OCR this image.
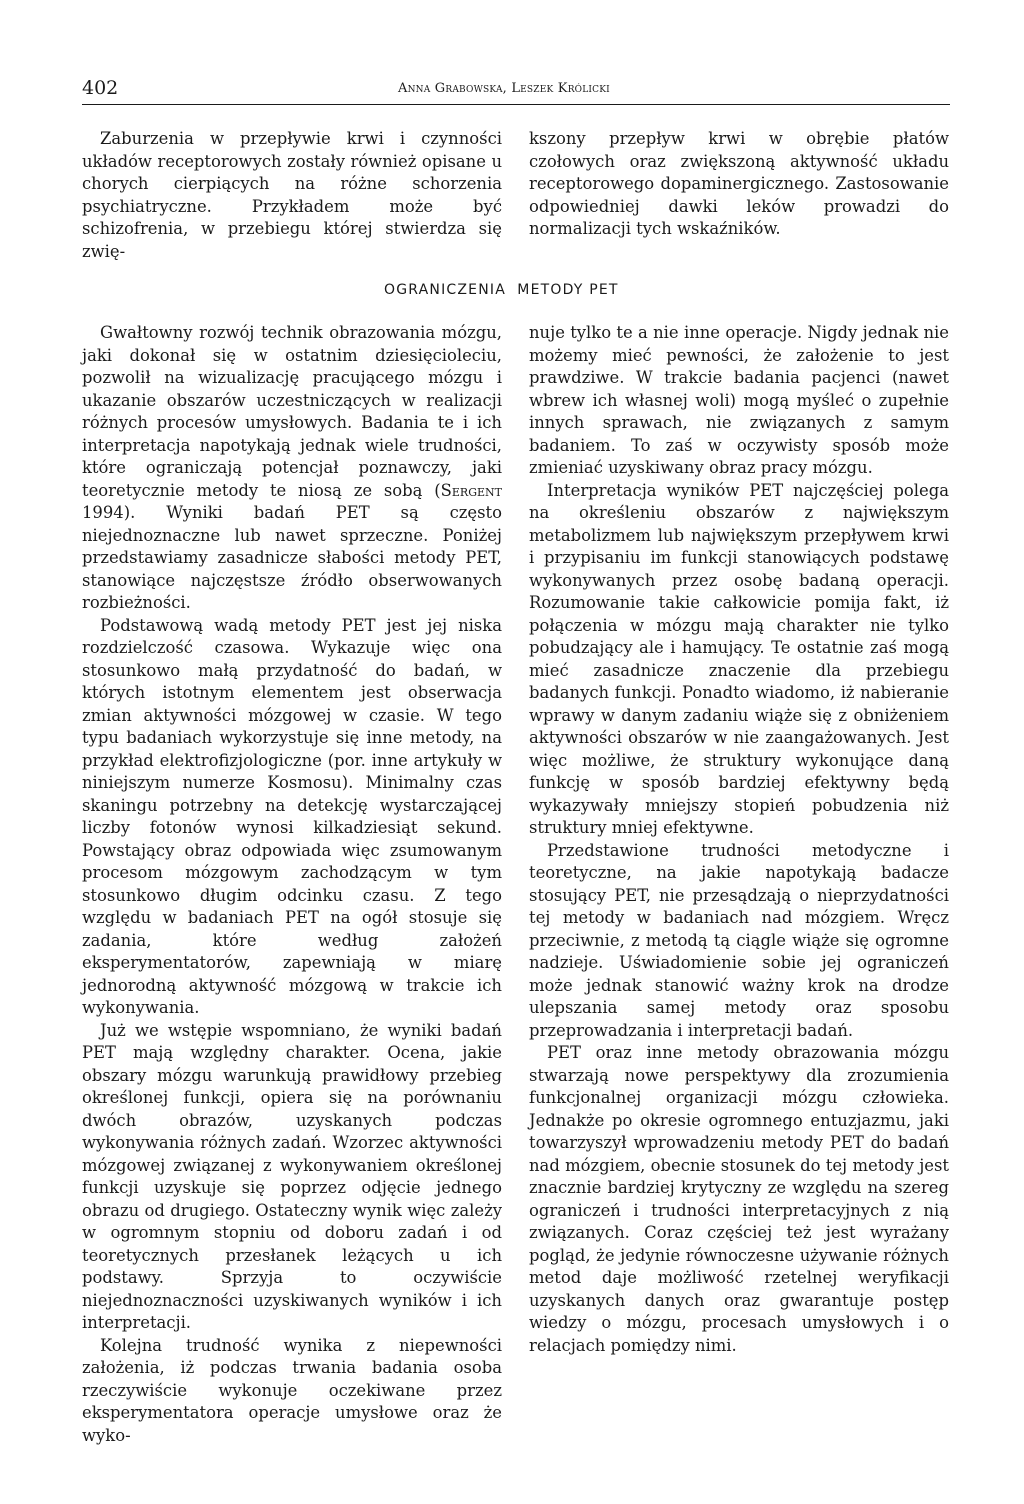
402	Anna Grabowska, Leszek Królicki

Zaburzenia w przepływie krwi i czynności układów receptorowych zostały również opisane u chorych cierpiących na różne schorzenia psychiatryczne. Przykładem może być schizofrenia, w przebiegu której stwierdza się zwię-

kszony przepływ krwi w obrębie płatów czołowych oraz zwiększoną aktywność układu receptorowego dopaminergicznego. Zastosowanie odpowiedniej dawki leków prowadzi do normalizacji tych wskaźników.

OGRANICZENIA  METODY PET

Gwałtowny rozwój technik obrazowania mózgu, jaki dokonał się w ostatnim dziesięcioleciu, pozwolił na wizualizację pracującego mózgu i ukazanie obszarów uczestniczących w realizacji różnych procesów umysłowych. Badania te i ich interpretacja napotykają jednak wiele trudności, które ograniczają potencjał poznawczy, jaki teoretycznie metody te niosą ze sobą (Sergent 1994). Wyniki badań PET są często niejednoznaczne lub nawet sprzeczne. Poniżej przedstawiamy zasadnicze słabości metody PET, stanowiące najczęstsze źródło obserwowanych rozbieżności.

Podstawową wadą metody PET jest jej niska rozdzielczość czasowa. Wykazuje więc ona stosunkowo małą przydatność do badań, w których istotnym elementem jest obserwacja zmian aktywności mózgowej w czasie. W tego typu badaniach wykorzystuje się inne metody, na przykład elektrofizjologiczne (por. inne artykuły w niniejszym numerze Kosmosu). Minimalny czas skaningu potrzebny na detekcję wystarczającej liczby fotonów wynosi kilkadziesiąt sekund. Powstający obraz odpowiada więc zsumowanym procesom mózgowym zachodzącym w tym stosunkowo długim odcinku czasu. Z tego względu w badaniach PET na ogół stosuje się zadania, które według założeń eksperymentatorów, zapewniają w miarę jednorodną aktywność mózgową w trakcie ich wykonywania.

Już we wstępie wspomniano, że wyniki badań PET mają względny charakter. Ocena, jakie obszary mózgu warunkują prawidłowy przebieg określonej funkcji, opiera się na porównaniu dwóch obrazów, uzyskanych podczas wykonywania różnych zadań. Wzorzec aktywności mózgowej związanej z wykonywaniem określonej funkcji uzyskuje się poprzez odjęcie jednego obrazu od drugiego. Ostateczny wynik więc zależy w ogromnym stopniu od doboru zadań i od teoretycznych przesłanek leżących u ich podstawy. Sprzyja to oczywiście niejednoznaczności uzyskiwanych wyników i ich interpretacji.

Kolejna trudność wynika z niepewności założenia, iż podczas trwania badania osoba rzeczywiście wykonuje oczekiwane przez eksperymentatora operacje umysłowe oraz że wyko-

nuje tylko te a nie inne operacje. Nigdy jednak nie możemy mieć pewności, że założenie to jest prawdziwe. W trakcie badania pacjenci (nawet wbrew ich własnej woli) mogą myśleć o zupełnie innych sprawach, nie związanych z samym badaniem. To zaś w oczywisty sposób może zmieniać uzyskiwany obraz pracy mózgu.

Interpretacja wyników PET najczęściej polega na określeniu obszarów z największym metabolizmem lub największym przepływem krwi i przypisaniu im funkcji stanowiących podstawę wykonywanych przez osobę badaną operacji. Rozumowanie takie całkowicie pomija fakt, iż połączenia w mózgu mają charakter nie tylko pobudzający ale i hamujący. Te ostatnie zaś mogą mieć zasadnicze znaczenie dla przebiegu badanych funkcji. Ponadto wiadomo, iż nabieranie wprawy w danym zadaniu wiąże się z obniżeniem aktywności obszarów w nie zaangażowanych. Jest więc możliwe, że struktury wykonujące daną funkcję w sposób bardziej efektywny będą wykazywały mniejszy stopień pobudzenia niż struktury mniej efektywne.

Przedstawione trudności metodyczne i teoretyczne, na jakie napotykają badacze stosujący PET, nie przesądzają o nieprzydatności tej metody w badaniach nad mózgiem. Wręcz przeciwnie, z metodą tą ciągle wiąże się ogromne nadzieje. Uświadomienie sobie jej ograniczeń może jednak stanowić ważny krok na drodze ulepszania samej metody oraz sposobu przeprowadzania i interpretacji badań.

PET oraz inne metody obrazowania mózgu stwarzają nowe perspektywy dla zrozumienia funkcjonalnej organizacji mózgu człowieka. Jednakże po okresie ogromnego entuzjazmu, jaki towarzyszył wprowadzeniu metody PET do badań nad mózgiem, obecnie stosunek do tej metody jest znacznie bardziej krytyczny ze względu na szereg ograniczeń i trudności interpretacyjnych z nią związanych. Coraz częściej też jest wyrażany pogląd, że jedynie równoczesne używanie różnych metod daje możliwość rzetelnej weryfikacji uzyskanych danych oraz gwarantuje postęp wiedzy o mózgu, procesach umysłowych i o relacjach pomiędzy nimi.
